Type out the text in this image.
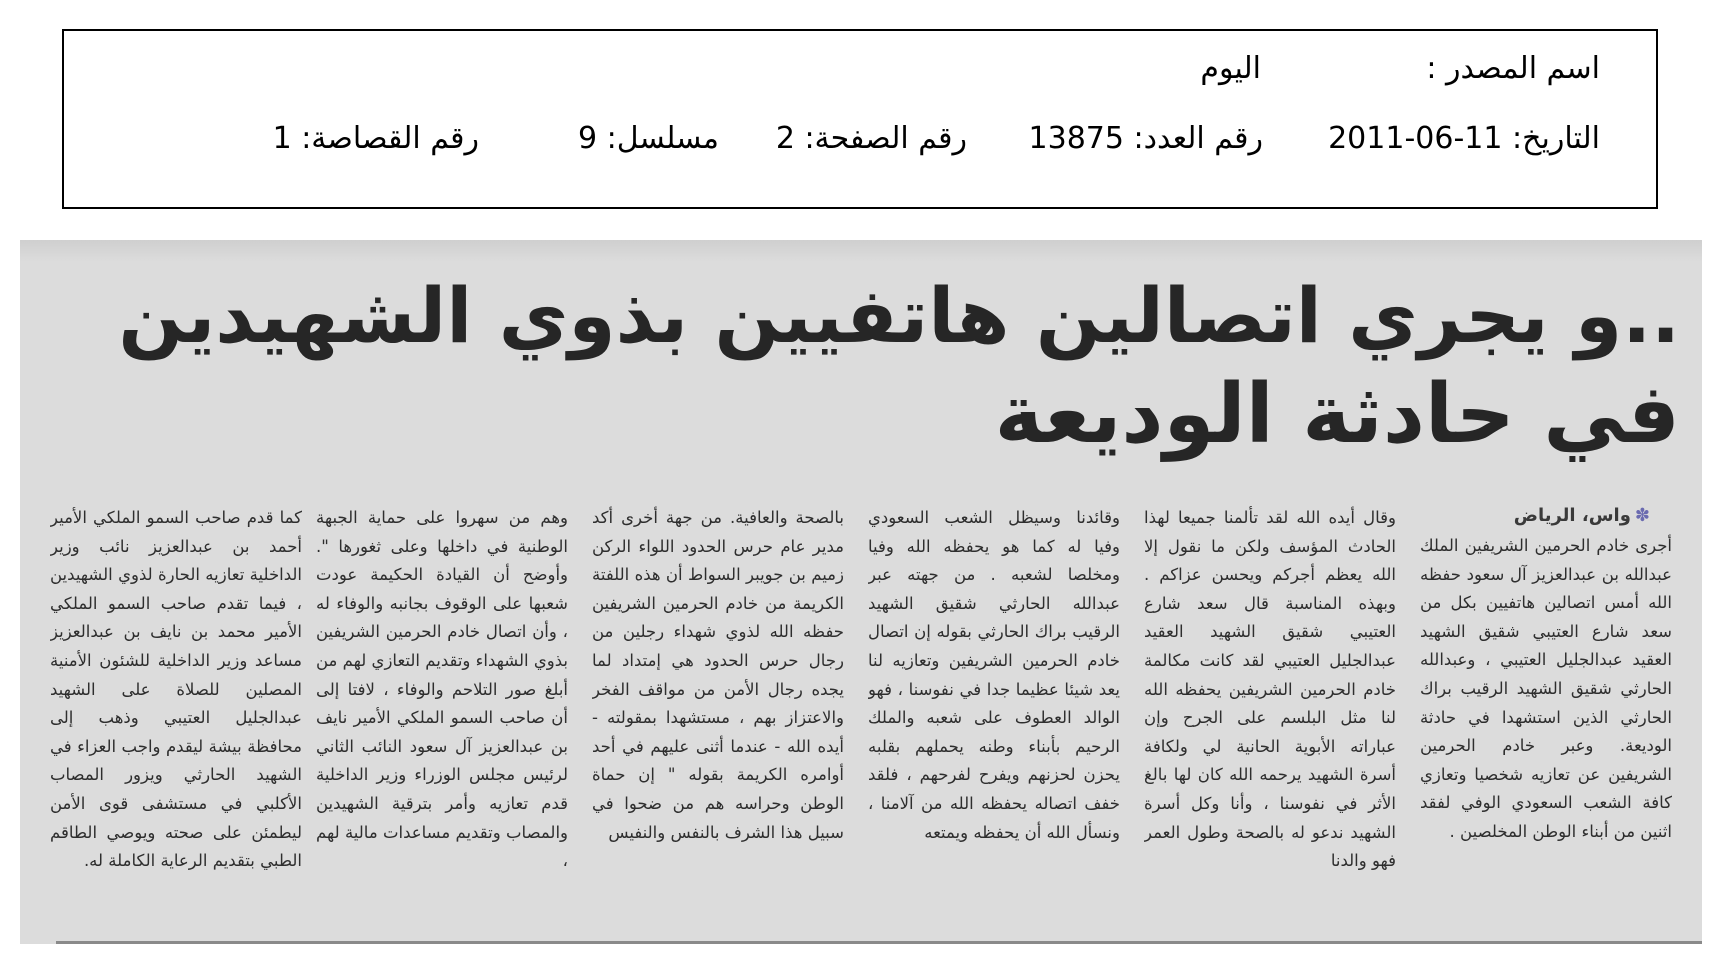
اسم المصدر :
اليوم
التاريخ: 11-06-2011
رقم العدد: 13875
رقم الصفحة: 2
مسلسل: 9
رقم القصاصة: 1
..و يجري اتصالين هاتفيين بذوي الشهيدين
في حادثة الوديعة
✽واس، الرياض
أجرى خادم الحرمين الشريفين الملك عبدالله بن عبدالعزيز آل سعود حفظه الله أمس اتصالين هاتفيين بكل من سعد شارع العتيبي شقيق الشهيد العقيد عبدالجليل العتيبي ، وعبدالله الحارثي شقيق الشهيد الرقيب براك الحارثي الذين استشهدا في حادثة الوديعة. وعبر خادم الحرمين الشريفين عن تعازيه شخصيا وتعازي كافة الشعب السعودي الوفي لفقد اثنين من أبناء الوطن المخلصين .
وقال أيده الله لقد تألمنا جميعا لهذا الحادث المؤسف ولكن ما نقول إلا الله يعظم أجركم ويحسن عزاكم . وبهذه المناسبة قال سعد شارع العتيبي شقيق الشهيد العقيد عبدالجليل العتيبي لقد كانت مكالمة خادم الحرمين الشريفين يحفظه الله لنا مثل البلسم على الجرح وإن عباراته الأبوية الحانية لي ولكافة أسرة الشهيد يرحمه الله كان لها بالغ الأثر في نفوسنا ، وأنا وكل أسرة الشهيد ندعو له بالصحة وطول العمر فهو والدنا
وقائدنا وسيظل الشعب السعودي وفيا له كما هو يحفظه الله وفيا ومخلصا لشعبه . من جهته عبر عبدالله الحارثي شقيق الشهيد الرقيب براك الحارثي بقوله إن اتصال خادم الحرمين الشريفين وتعازيه لنا يعد شيئا عظيما جدا في نفوسنا ، فهو الوالد العطوف على شعبه والملك الرحيم بأبناء وطنه يحملهم بقلبه يحزن لحزنهم ويفرح لفرحهم ، فلقد خفف اتصاله يحفظه الله من آلامنا ، ونسأل الله أن يحفظه ويمتعه
بالصحة والعافية. من جهة أخرى أكد مدير عام حرس الحدود اللواء الركن زميم بن جويبر السواط أن هذه اللفتة الكريمة من خادم الحرمين الشريفين حفظه الله لذوي شهداء رجلين من رجال حرس الحدود هي إمتداد لما يجده رجال الأمن من مواقف الفخر والاعتزاز بهم ، مستشهدا بمقولته - أيده الله - عندما أثنى عليهم في أحد أوامره الكريمة بقوله " إن حماة الوطن وحراسه هم من ضحوا في سبيل هذا الشرف بالنفس والنفيس
وهم من سهروا على حماية الجبهة الوطنية في داخلها وعلى ثغورها ". وأوضح أن القيادة الحكيمة عودت شعبها على الوقوف بجانبه والوفاء له ، وأن اتصال خادم الحرمين الشريفين بذوي الشهداء وتقديم التعازي لهم من أبلغ صور التلاحم والوفاء ، لافتا إلى أن صاحب السمو الملكي الأمير نايف بن عبدالعزيز آل سعود النائب الثاني لرئيس مجلس الوزراء وزير الداخلية قدم تعازيه وأمر بترقية الشهيدين والمصاب وتقديم مساعدات مالية لهم ،
كما قدم صاحب السمو الملكي الأمير أحمد بن عبدالعزيز نائب وزير الداخلية تعازيه الحارة لذوي الشهيدين ، فيما تقدم صاحب السمو الملكي الأمير محمد بن نايف بن عبدالعزيز مساعد وزير الداخلية للشئون الأمنية المصلين للصلاة على الشهيد عبدالجليل العتيبي وذهب إلى محافظة بيشة ليقدم واجب العزاء في الشهيد الحارثي ويزور المصاب الأكلبي في مستشفى قوى الأمن ليطمئن على صحته ويوصي الطاقم الطبي بتقديم الرعاية الكاملة له.
